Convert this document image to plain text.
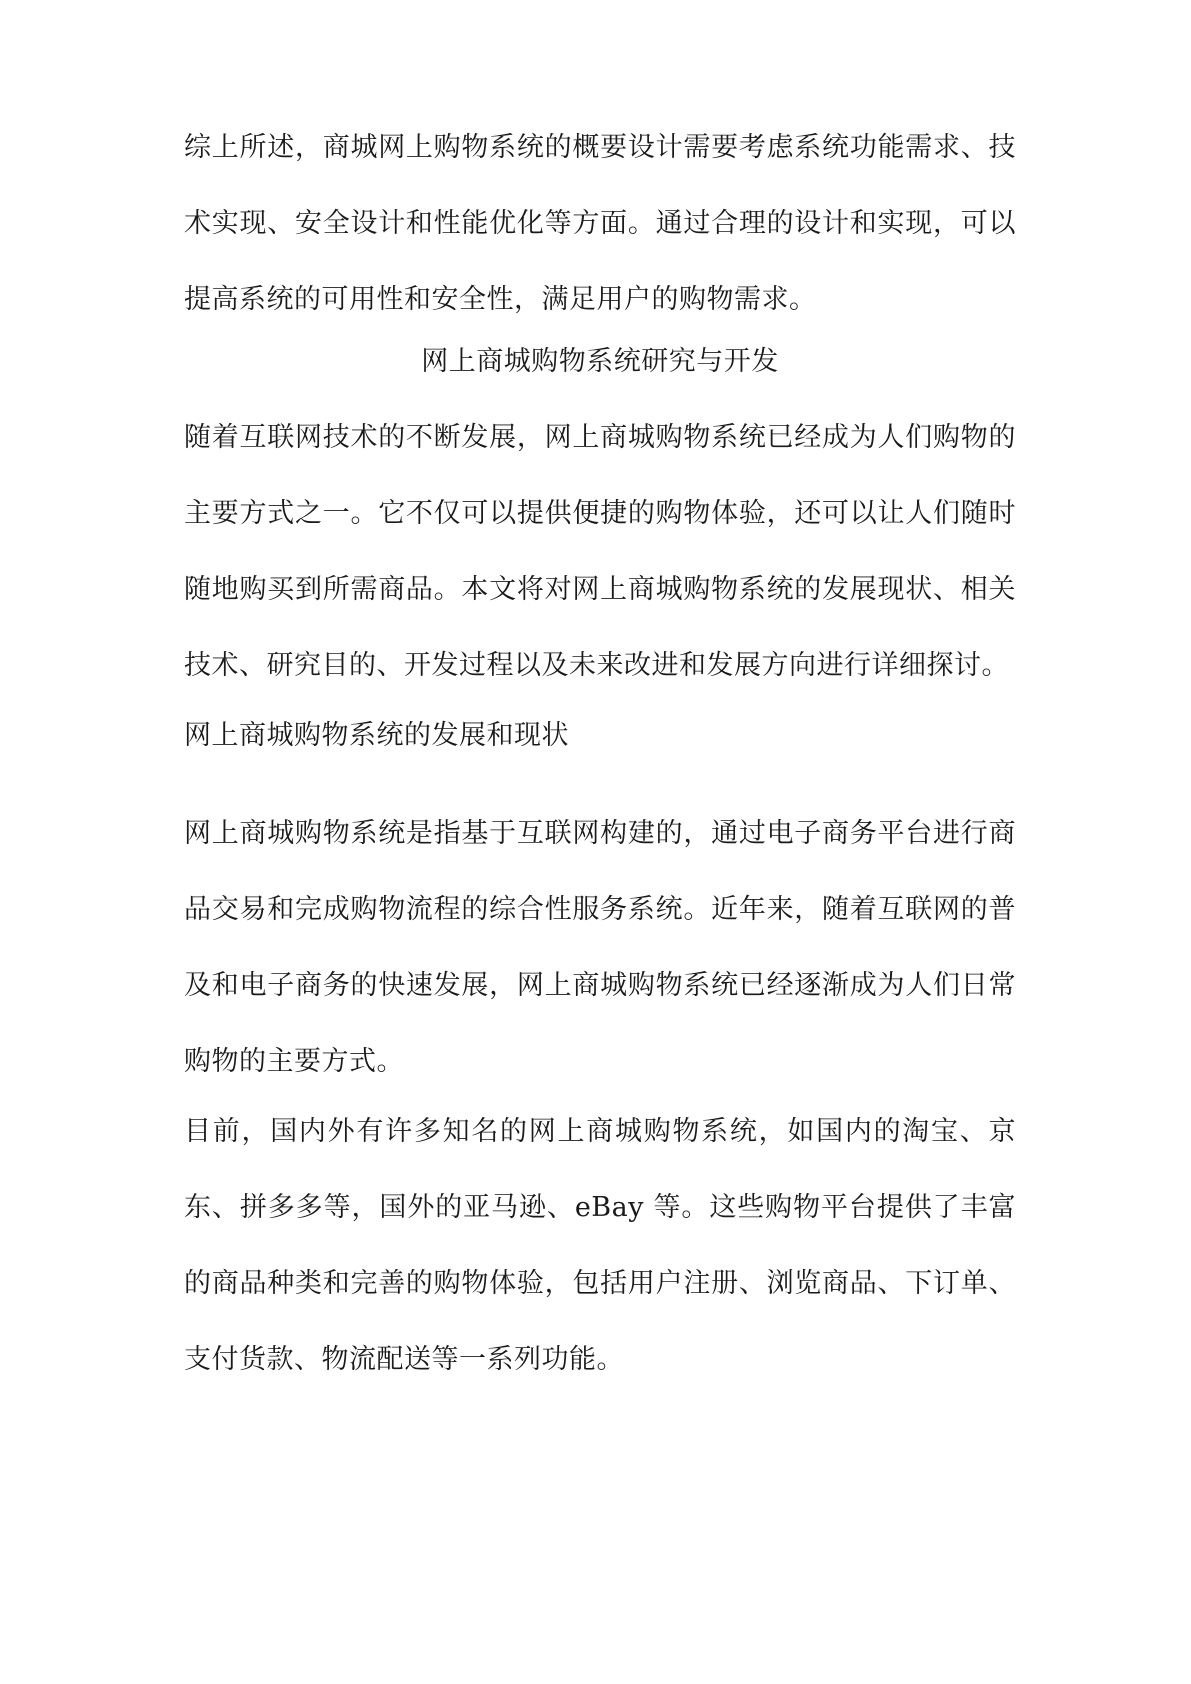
综上所述，商城网上购物系统的概要设计需要考虑系统功能需求、技术实现、安全设计和性能优化等方面。通过合理的设计和实现，可以提高系统的可用性和安全性，满足用户的购物需求。

网上商城购物系统研究与开发

随着互联网技术的不断发展，网上商城购物系统已经成为人们购物的主要方式之一。它不仅可以提供便捷的购物体验，还可以让人们随时随地购买到所需商品。本文将对网上商城购物系统的发展现状、相关技术、研究目的、开发过程以及未来改进和发展方向进行详细探讨。

网上商城购物系统的发展和现状

网上商城购物系统是指基于互联网构建的，通过电子商务平台进行商品交易和完成购物流程的综合性服务系统。近年来，随着互联网的普及和电子商务的快速发展，网上商城购物系统已经逐渐成为人们日常购物的主要方式。

目前，国内外有许多知名的网上商城购物系统，如国内的淘宝、京东、拼多多等，国外的亚马逊、eBay 等。这些购物平台提供了丰富的商品种类和完善的购物体验，包括用户注册、浏览商品、下订单、支付货款、物流配送等一系列功能。
